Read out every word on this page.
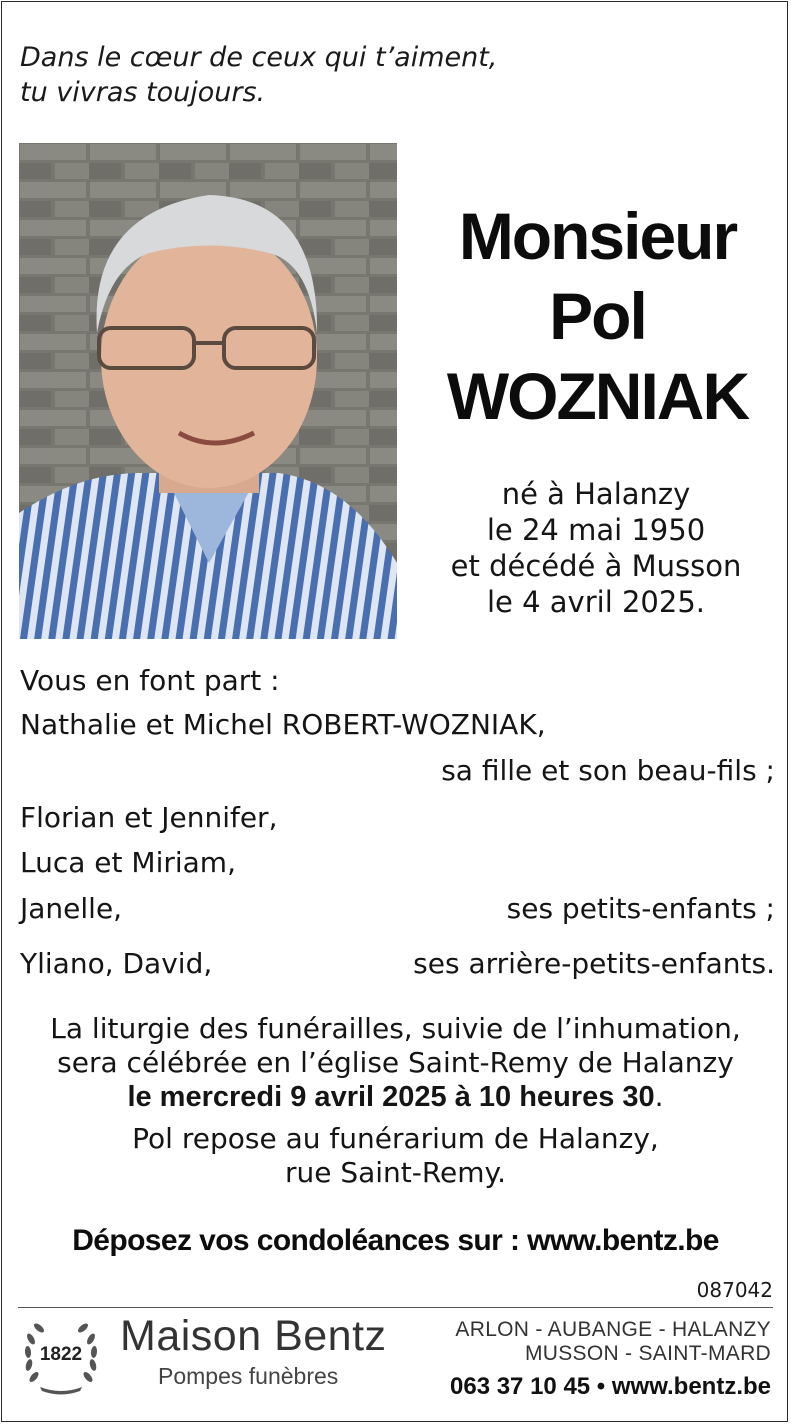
Dans le cœur de ceux qui t’aiment,
tu vivras toujours.
Monsieur
Pol
WOZNIAK
né à Halanzy
le 24 mai 1950
et décédé à Musson
le 4 avril 2025.
Vous en font part :
Nathalie et Michel ROBERT-WOZNIAK,
sa fille et son beau-fils ;
Florian et Jennifer,
Luca et Miriam,
Janelle,	ses petits-enfants ;
Yliano, David,	ses arrière-petits-enfants.
La liturgie des funérailles, suivie de l’inhumation,
sera célébrée en l’église Saint-Remy de Halanzy
le mercredi 9 avril 2025 à 10 heures 30.
Pol repose au funérarium de Halanzy,
rue Saint-Remy.
Déposez vos condoléances sur : www.bentz.be
087042
1822 Maison Bentz
Pompes funèbres
ARLON - AUBANGE - HALANZY
MUSSON - SAINT-MARD
063 37 10 45 • www.bentz.be
